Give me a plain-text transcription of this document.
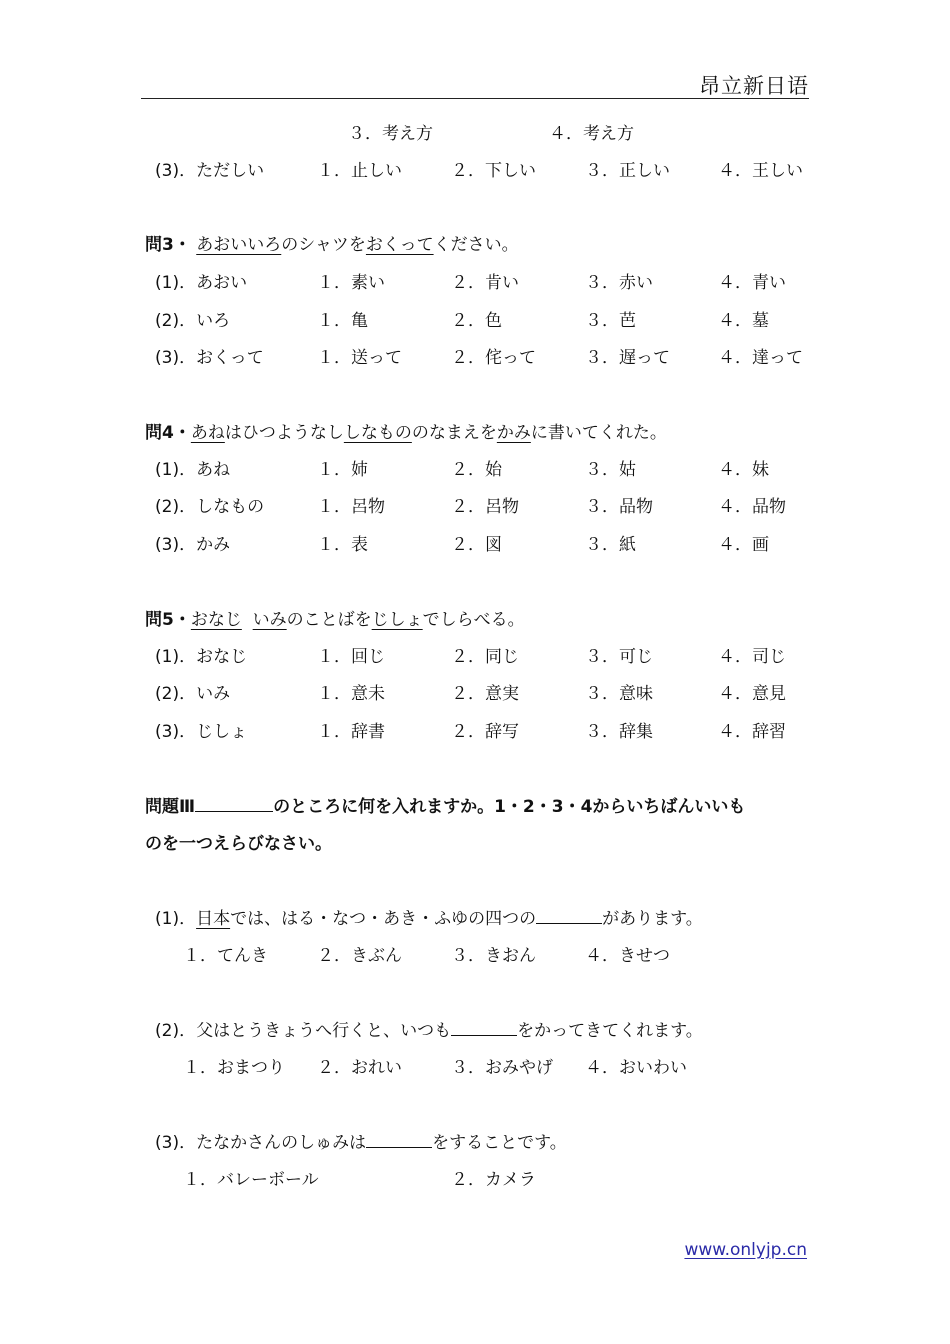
昂立新日语
３．考え方	４．考え方
(3)．ただしい	１．止しい	２．下しい	３．正しい	４．王しい
問3・ あおいいろのシャツをおくってください。
(1)．あおい	１．素い	２．肯い	３．赤い	４．青い
(2)．いろ	１．亀	２．色	３．芭	４．墓
(3)．おくって	１．送って	２．侘って	３．遅って	４．達って
問4・あねはひつようなししなもののなまえをかみに書いてくれた。
(1)．あね	１．姉	２．始	３．姑	４．妹
(2)．しなもの	１．呂物	２．呂物	３．品物	４．品物
(3)．かみ	１．表	２．図	３．紙	４．画
問5・おなじ いみのことばをじしょでしらべる。
(1)．おなじ	１．回じ	２．同じ	３．可じ	４．司じ
(2)．いみ	１．意未	２．意実	３．意味	４．意見
(3)．じしょ	１．辞書	２．辞写	３．辞集	４．辞習
問題Ⅲ	のところに何を入れますか。1・2・3・4からいちばんいいも
のを一つえらびなさい。
(1)．日本では、はる・なつ・あき・ふゆの四つの	があります。
１．てんき	２．きぶん	３．きおん	４．きせつ
(2)．父はとうきょうへ行くと、いつも	をかってきてくれます。
１．おまつり ２．おれい	３．おみやげ ４．おいわい
(3)．たなかさんのしゅみは	をすることです。
１．バレーボール	２．カメラ
www.onlyjp.cn
